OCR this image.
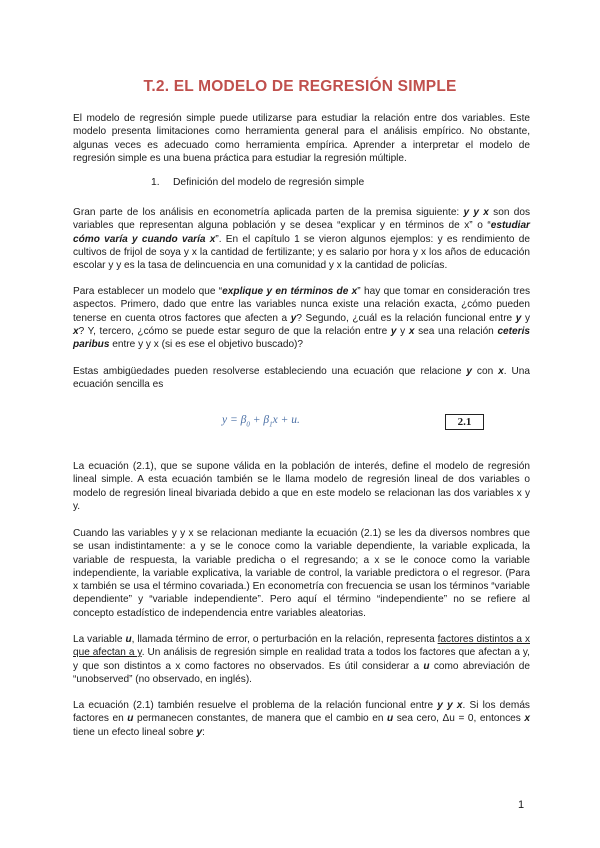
T.2. EL MODELO DE REGRESIÓN SIMPLE

El modelo de regresión simple puede utilizarse para estudiar la relación entre dos variables. Este modelo presenta limitaciones como herramienta general para el análisis empírico. No obstante, algunas veces es adecuado como herramienta empírica. Aprender a interpretar el modelo de regresión simple es una buena práctica para estudiar la regresión múltiple.

1. Definición del modelo de regresión simple

Gran parte de los análisis en econometría aplicada parten de la premisa siguiente: y y x son dos variables que representan alguna población y se desea “explicar y en términos de x” o “estudiar cómo varía y cuando varía x”. En el capítulo 1 se vieron algunos ejemplos: y es rendimiento de cultivos de frijol de soya y x la cantidad de fertilizante; y es salario por hora y x los años de educación escolar y y es la tasa de delincuencia en una comunidad y x la cantidad de policías.

Para establecer un modelo que “explique y en términos de x” hay que tomar en consideración tres aspectos. Primero, dado que entre las variables nunca existe una relación exacta, ¿cómo pueden tenerse en cuenta otros factores que afecten a y? Segundo, ¿cuál es la relación funcional entre y y x? Y, tercero, ¿cómo se puede estar seguro de que la relación entre y y x sea una relación ceteris paribus entre y y x (si es ese el objetivo buscado)?

Estas ambigüedades pueden resolverse estableciendo una ecuación que relacione y con x. Una ecuación sencilla es

$y = \beta_0 + \beta_1x + u$.	2.1

La ecuación (2.1), que se supone válida en la población de interés, define el modelo de regresión lineal simple. A esta ecuación también se le llama modelo de regresión lineal de dos variables o modelo de regresión lineal bivariada debido a que en este modelo se relacionan las dos variables x y y.

Cuando las variables y y x se relacionan mediante la ecuación (2.1) se les da diversos nombres que se usan indistintamente: a y se le conoce como la variable dependiente, la variable explicada, la variable de respuesta, la variable predicha o el regresando; a x se le conoce como la variable independiente, la variable explicativa, la variable de control, la variable predictora o el regresor. (Para x también se usa el término covariada.) En econometría con frecuencia se usan los términos “variable dependiente” y “variable independiente”. Pero aquí el término “independiente” no se refiere al concepto estadístico de independencia entre variables aleatorias.

La variable u, llamada término de error, o perturbación en la relación, representa factores distintos a x que afectan a y. Un análisis de regresión simple en realidad trata a todos los factores que afectan a y, y que son distintos a x como factores no observados. Es útil considerar a u como abreviación de “unobserved” (no observado, en inglés).

La ecuación (2.1) también resuelve el problema de la relación funcional entre y y x. Si los demás factores en u permanecen constantes, de manera que el cambio en u sea cero, Δu = 0, entonces x tiene un efecto lineal sobre y:

1
